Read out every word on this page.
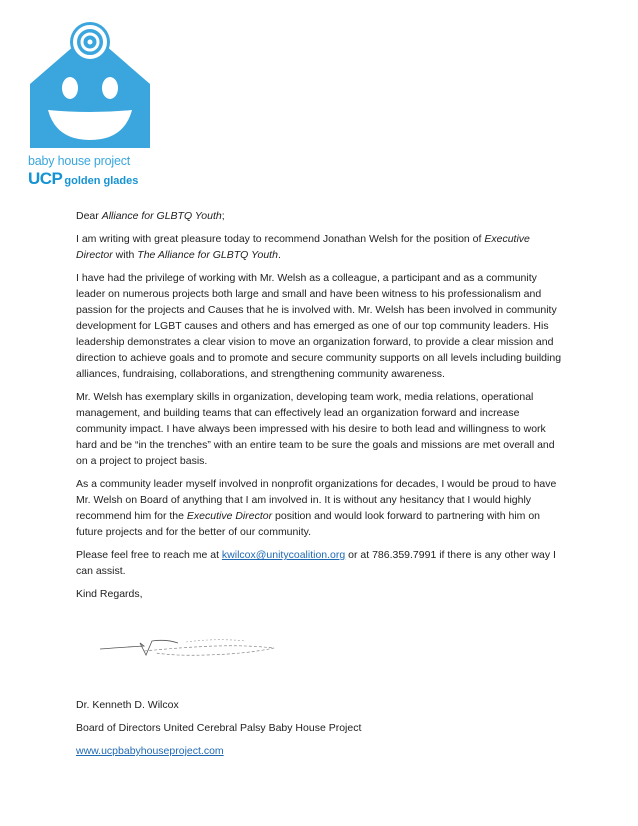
baby house project
UCP golden glades

Dear Alliance for GLBTQ Youth;

I am writing with great pleasure today to recommend Jonathan Welsh for the position of Executive Director with The Alliance for GLBTQ Youth.

I have had the privilege of working with Mr. Welsh as a colleague, a participant and as a community leader on numerous projects both large and small and have been witness to his professionalism and passion for the projects and Causes that he is involved with. Mr. Welsh has been involved in community development for LGBT causes and others and has emerged as one of our top community leaders. His leadership demonstrates a clear vision to move an organization forward, to provide a clear mission and direction to achieve goals and to promote and secure community supports on all levels including building alliances, fundraising, collaborations, and strengthening community awareness.

Mr. Welsh has exemplary skills in organization, developing team work, media relations, operational management, and building teams that can effectively lead an organization forward and increase community impact. I have always been impressed with his desire to both lead and willingness to work hard and be “in the trenches” with an entire team to be sure the goals and missions are met overall and on a project to project basis.

As a community leader myself involved in nonprofit organizations for decades, I would be proud to have Mr. Welsh on Board of anything that I am involved in. It is without any hesitancy that I would highly recommend him for the Executive Director position and would look forward to partnering with him on future projects and for the better of our community.

Please feel free to reach me at kwilcox@unitycoalition.org or at 786.359.7991 if there is any other way I can assist.

Kind Regards,

Dr. Kenneth D. Wilcox

Board of Directors United Cerebral Palsy Baby House Project

www.ucpbabyhouseproject.com
